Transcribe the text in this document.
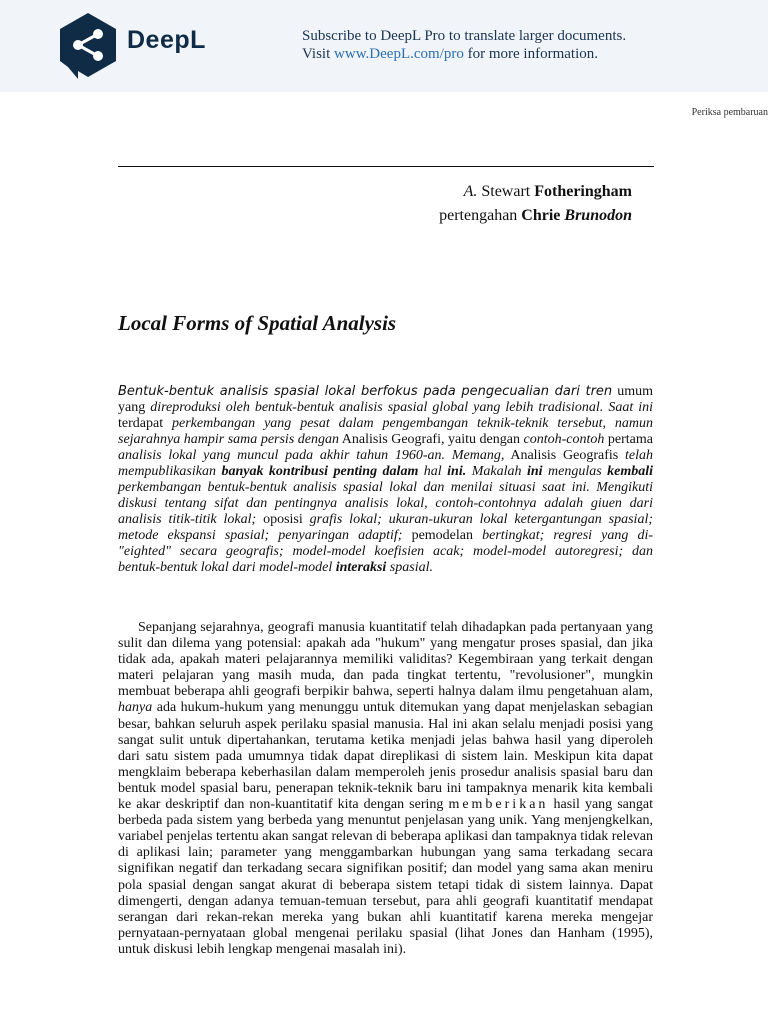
DeepL	Subscribe to DeepL Pro to translate larger documents.
Visit www.DeepL.com/pro for more information.
Periksa pembaruan
A. Stewart Fotheringham
pertengahan Chrie Brunodon
Local Forms of Spatial Analysis
Bentuk-bentuk analisis spasial lokal berfokus pada pengecualian dari tren umum yang direproduksi oleh bentuk-bentuk analisis spasial global yang lebih tradisional. Saat ini terdapat perkembangan yang pesat dalam pengembangan teknik-teknik tersebut, namun sejarahnya hampir sama persis dengan Analisis Geografi, yaitu dengan contoh-contoh pertama analisis lokal yang muncul pada akhir tahun 1960-an. Memang, Analisis Geografis telah mempublikasikan banyak kontribusi penting dalam hal ini. Makalah ini mengulas kembali perkembangan bentuk-bentuk analisis spasial lokal dan menilai situasi saat ini. Mengikuti diskusi tentang sifat dan pentingnya analisis lokal, contoh-contohnya adalah giuen dari analisis titik-titik lokal; oposisi grafis lokal; ukuran-ukuran lokal ketergantungan spasial; metode ekspansi spasial; penyaringan adaptif; pemodelan bertingkat; regresi yang di-"eighted" secara geografis; model-model koefisien acak; model-model autoregresi; dan bentuk-bentuk lokal dari model-model interaksi spasial.
Sepanjang sejarahnya, geografi manusia kuantitatif telah dihadapkan pada pertanyaan yang sulit dan dilema yang potensial: apakah ada "hukum" yang mengatur proses spasial, dan jika tidak ada, apakah materi pelajarannya memiliki validitas? Kegembiraan yang terkait dengan materi pelajaran yang masih muda, dan pada tingkat tertentu, "revolusioner", mungkin membuat beberapa ahli geografi berpikir bahwa, seperti halnya dalam ilmu pengetahuan alam, hanya ada hukum-hukum yang menunggu untuk ditemukan yang dapat menjelaskan sebagian besar, bahkan seluruh aspek perilaku spasial manusia. Hal ini akan selalu menjadi posisi yang sangat sulit untuk dipertahankan, terutama ketika menjadi jelas bahwa hasil yang diperoleh dari satu sistem pada umumnya tidak dapat direplikasi di sistem lain. Meskipun kita dapat mengklaim beberapa keberhasilan dalam memperoleh jenis prosedur analisis spasial baru dan bentuk model spasial baru, penerapan teknik-teknik baru ini tampaknya menarik kita kembali ke akar deskriptif dan non-kuantitatif kita dengan sering memberikan hasil yang sangat berbeda pada sistem yang berbeda yang menuntut penjelasan yang unik. Yang menjengkelkan, variabel penjelas tertentu akan sangat relevan di beberapa aplikasi dan tampaknya tidak relevan di aplikasi lain; parameter yang menggambarkan hubungan yang sama terkadang secara signifikan negatif dan terkadang secara signifikan positif; dan model yang sama akan meniru pola spasial dengan sangat akurat di beberapa sistem tetapi tidak di sistem lainnya. Dapat dimengerti, dengan adanya temuan-temuan tersebut, para ahli geografi kuantitatif mendapat serangan dari rekan-rekan mereka yang bukan ahli kuantitatif karena mereka mengejar pernyataan-pernyataan global mengenai perilaku spasial (lihat Jones dan Hanham (1995), untuk diskusi lebih lengkap mengenai masalah ini).
